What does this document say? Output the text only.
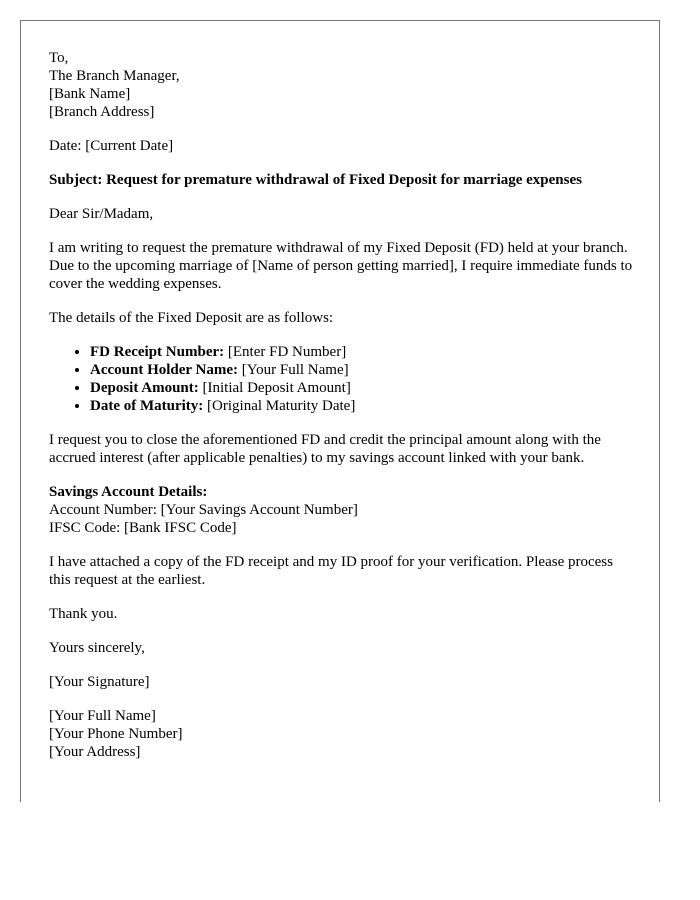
To,
The Branch Manager,
[Bank Name]
[Branch Address]
Date: [Current Date]
Subject: Request for premature withdrawal of Fixed Deposit for marriage expenses
Dear Sir/Madam,
I am writing to request the premature withdrawal of my Fixed Deposit (FD) held at your branch. Due to the upcoming marriage of [Name of person getting married], I require immediate funds to cover the wedding expenses.
The details of the Fixed Deposit are as follows:
• FD Receipt Number: [Enter FD Number]
• Account Holder Name: [Your Full Name]
• Deposit Amount: [Initial Deposit Amount]
• Date of Maturity: [Original Maturity Date]
I request you to close the aforementioned FD and credit the principal amount along with the accrued interest (after applicable penalties) to my savings account linked with your bank.
Savings Account Details:
Account Number: [Your Savings Account Number]
IFSC Code: [Bank IFSC Code]
I have attached a copy of the FD receipt and my ID proof for your verification. Please process this request at the earliest.
Thank you.
Yours sincerely,
[Your Signature]
[Your Full Name]
[Your Phone Number]
[Your Address]
